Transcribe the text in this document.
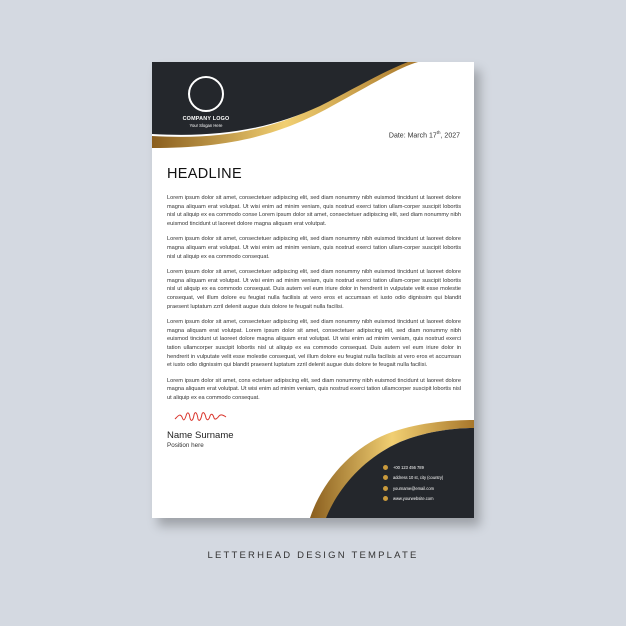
COMPANY LOGO
Your Slogan Here
Date: March 17th, 2027
HEADLINE

Lorem ipsum dolor sit amet, consectetuer adipiscing elit, sed diam nonummy nibh euismod tincidunt ut laoreet dolore magna aliquam erat volutpat. Ut wisi enim ad minim veniam, quis nostrud exerci tation ullam-corper suscipit lobortis nisl ut aliquip ex ea commodo conse Lorem ipsum dolor sit amet, consectetuer adipiscing elit, sed diam nonummy nibh euismod tincidunt ut laoreet dolore magna aliquam erat volutpat.

Lorem ipsum dolor sit amet, consectetuer adipiscing elit, sed diam nonummy nibh euismod tincidunt ut laoreet dolore magna aliquam erat volutpat. Ut wisi enim ad minim veniam, quis nostrud exerci tation ullam-corper suscipit lobortis nisl ut aliquip ex ea commodo consequat.

Lorem ipsum dolor sit amet, consectetuer adipiscing elit, sed diam nonummy nibh euismod tincidunt ut laoreet dolore magna aliquam erat volutpat. Ut wisi enim ad minim veniam, quis nostrud exerci tation ullam-corper suscipit lobortis nisl ut aliquip ex ea commodo consequat. Duis autem vel eum iriure dolor in hendrerit in vulputate velit esse molestie consequat, vel illum dolore eu feugiat nulla facilisis at vero eros et accumsan et iusto odio dignissim qui blandit praesent luptatum zzril delenit augue duis dolore te feugait nulla facilisi.

Lorem ipsum dolor sit amet, consectetuer adipiscing elit, sed diam nonummy nibh euismod tincidunt ut laoreet dolore magna aliquam erat volutpat. Lorem ipsum dolor sit amet, consectetuer adipiscing elit, sed diam nonummy nibh euismod tincidunt ut laoreet dolore magna aliquam erat volutpat. Ut wisi enim ad minim veniam, quis nostrud exerci tation ullamcorper suscipit lobortis nisl ut aliquip ex ea commodo consequat. Duis autem vel eum iriure dolor in hendrerit in vulputate velit esse molestie consequat, vel illum dolore eu feugiat nulla facilisis at vero eros et accumsan et iusto odio dignissim qui blandit praesent luptatum zzril delenit augue duis dolore te feugait nulla facilisi.

Lorem ipsum dolor sit amet, cons ectetuer adipiscing elit, sed diam nonummy nibh euismod tincidunt ut laoreet dolore magna aliquam erat volutpat. Ut wisi enim ad minim veniam, quis nostrud exerci tation ullamcorper suscipit lobortis nisl ut aliquip ex ea commodo consequat.

Name Surname
Position here
+00 123 456 789
address 10 st, city (country)
yourname@email.com
www.yourwebsite.com
LETTERHEAD DESIGN TEMPLATE
